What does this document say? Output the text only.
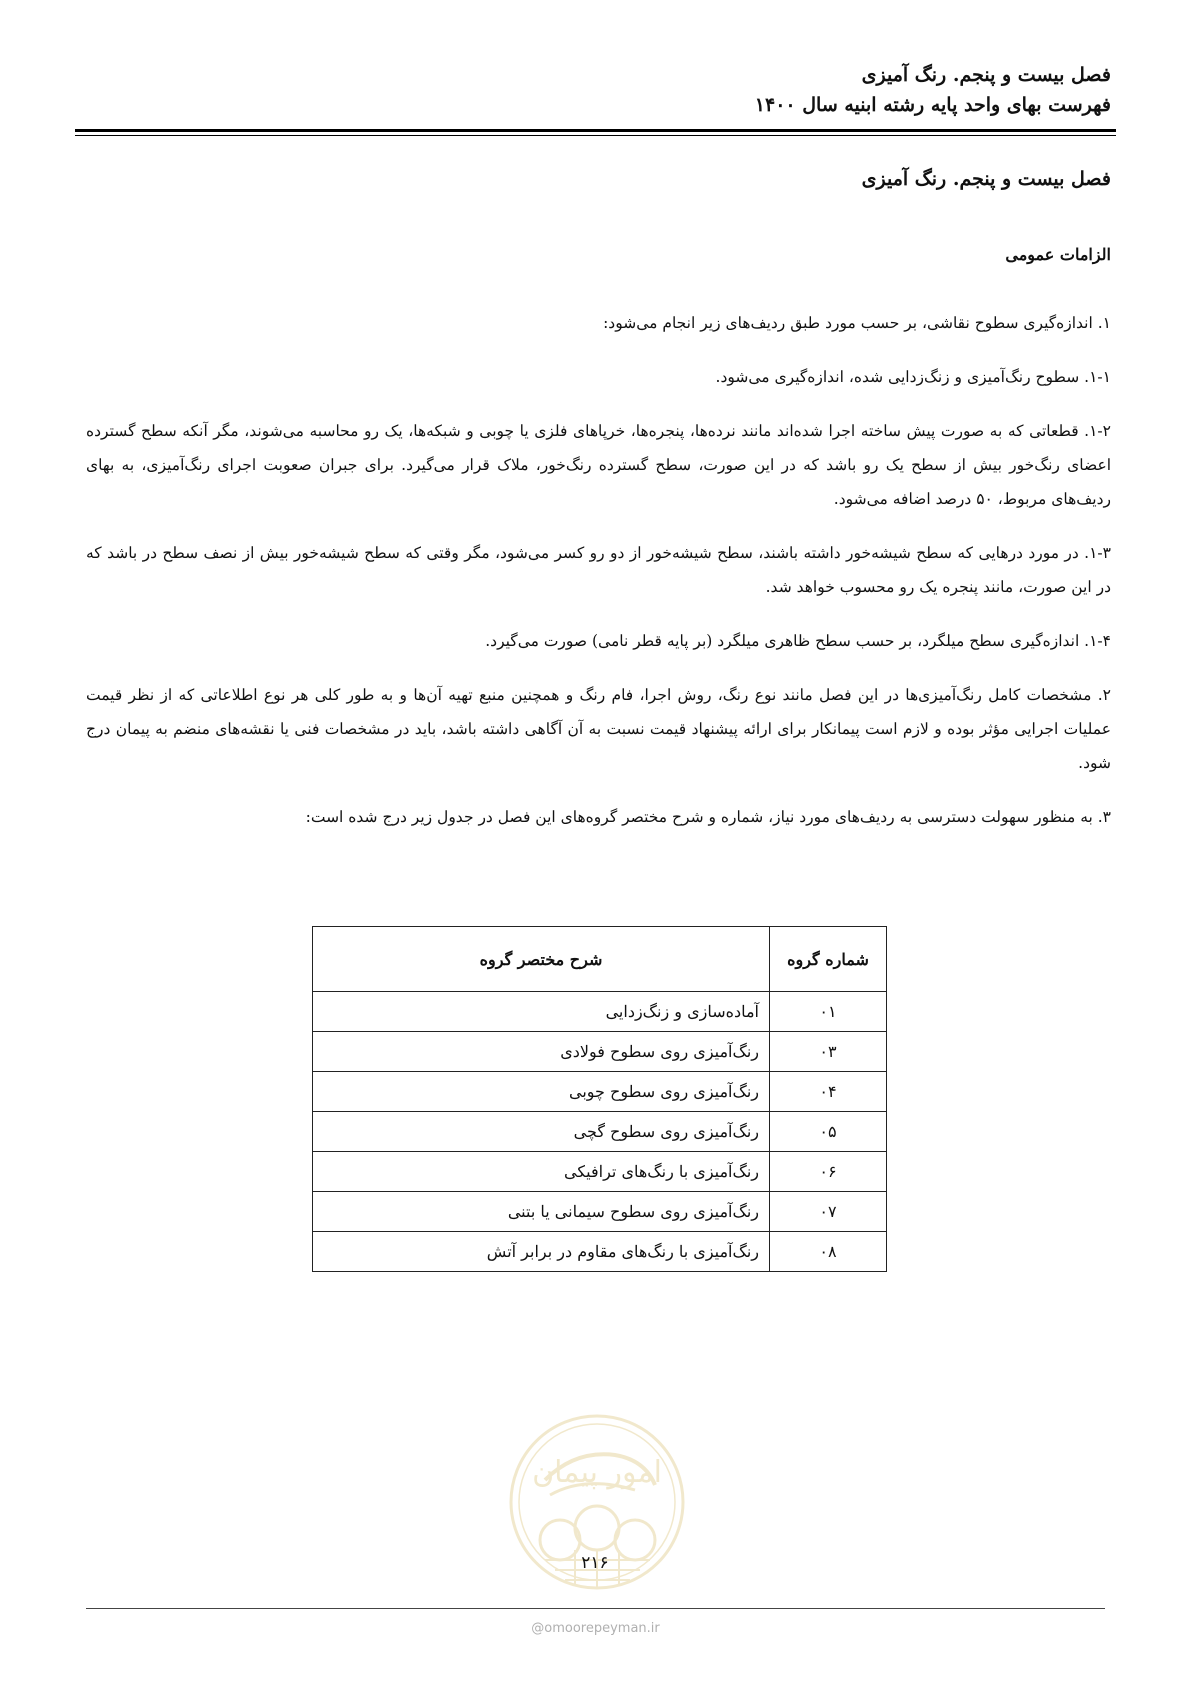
فصل بیست و پنجم. رنگ آمیزی
فهرست بهای واحد پایه رشته ابنیه سال ۱۴۰۰
فصل بیست و پنجم. رنگ آمیزی
الزامات عمومی

۱. اندازه‌گیری سطوح نقاشی، بر حسب مورد طبق ردیف‌های زیر انجام می‌شود:

۱-۱. سطوح رنگ‌آمیزی و زنگ‌زدایی شده، اندازه‌گیری می‌شود.

۱-۲. قطعاتی که به صورت پیش ساخته اجرا شده‌اند مانند نرده‌ها، پنجره‌ها، خرپاهای فلزی یا چوبی و شبکه‌ها، یک رو محاسبه می‌شوند، مگر آنکه سطح گسترده اعضای رنگ‌خور بیش از سطح یک رو باشد که در این صورت، سطح گسترده رنگ‌خور، ملاک قرار می‌گیرد. برای جبران صعوبت اجرای رنگ‌آمیزی، به بهای ردیف‌های مربوط، ۵۰ درصد اضافه می‌شود.

۱-۳. در مورد درهایی که سطح شیشه‌خور داشته باشند، سطح شیشه‌خور از دو رو کسر می‌شود، مگر وقتی که سطح شیشه‌خور بیش از نصف سطح در باشد که در این صورت، مانند پنجره یک رو محسوب خواهد شد.

۱-۴. اندازه‌گیری سطح میلگرد، بر حسب سطح ظاهری میلگرد (بر پایه قطر نامی) صورت می‌گیرد.

۲. مشخصات کامل رنگ‌آمیزی‌ها در این فصل مانند نوع رنگ، روش اجرا، فام رنگ و همچنین منبع تهیه آن‌ها و به طور کلی هر نوع اطلاعاتی که از نظر قیمت عملیات اجرایی مؤثر بوده و لازم است پیمانکار برای ارائه پیشنهاد قیمت نسبت به آن آگاهی داشته باشد، باید در مشخصات فنی یا نقشه‌های منضم به پیمان درج شود.

۳. به منظور سهولت دسترسی به ردیف‌های مورد نیاز، شماره و شرح مختصر گروه‌های این فصل در جدول زیر درج شده است:

شماره گروه	شرح مختصر گروه
۰۱	آماده‌سازی و زنگ‌زدایی
۰۳	رنگ‌آمیزی روی سطوح فولادی
۰۴	رنگ‌آمیزی روی سطوح چوبی
۰۵	رنگ‌آمیزی روی سطوح گچی
۰۶	رنگ‌آمیزی با رنگ‌های ترافیکی
۰۷	رنگ‌آمیزی روی سطوح سیمانی یا بتنی
۰۸	رنگ‌آمیزی با رنگ‌های مقاوم در برابر آتش
امور پیمان

۲۱۶

@omoorepeyman.ir
